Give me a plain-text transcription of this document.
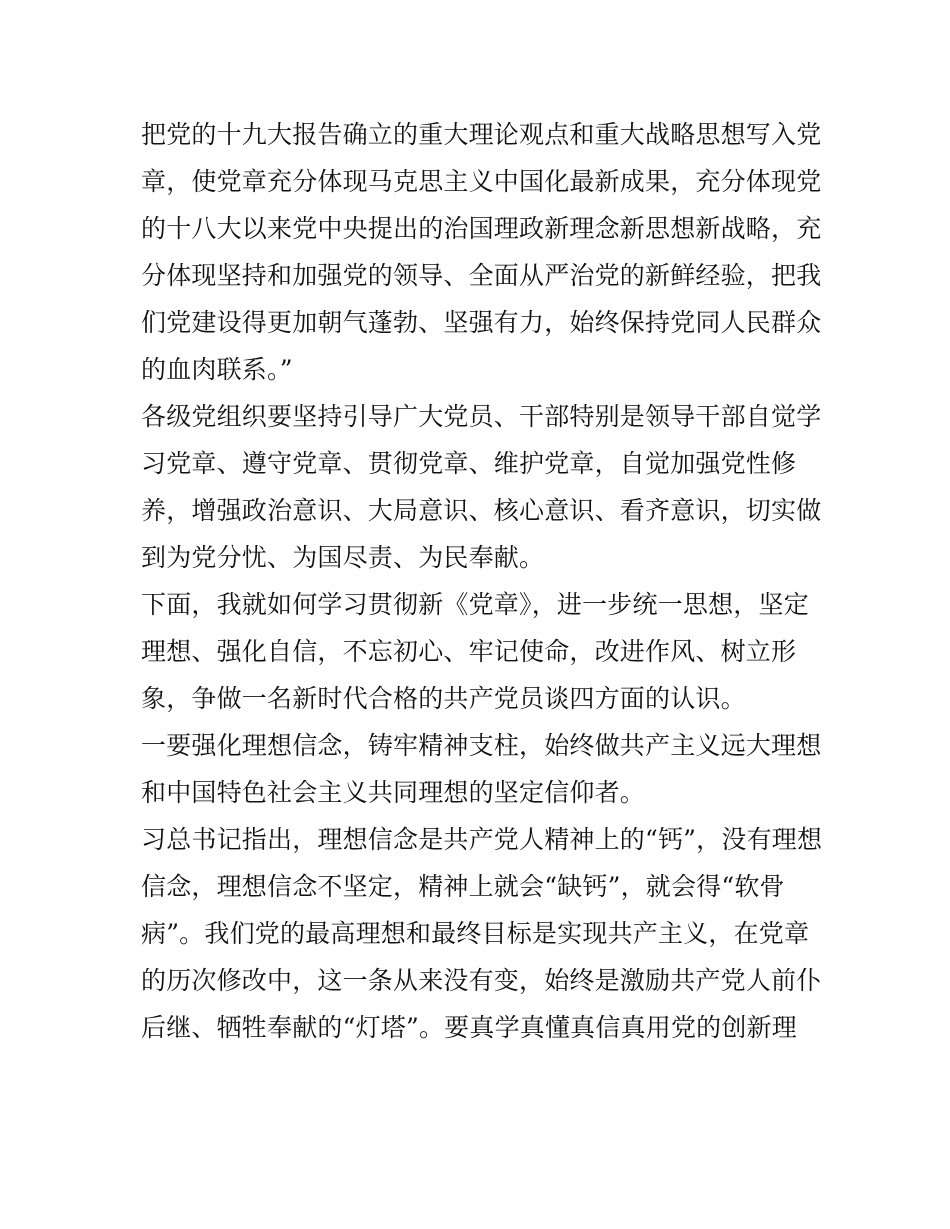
把党的十九大报告确立的重大理论观点和重大战略思想写入党
章，使党章充分体现马克思主义中国化最新成果，充分体现党
的十八大以来党中央提出的治国理政新理念新思想新战略，充
分体现坚持和加强党的领导、全面从严治党的新鲜经验，把我
们党建设得更加朝气蓬勃、坚强有力，始终保持党同人民群众
的血肉联系。”
各级党组织要坚持引导广大党员、干部特别是领导干部自觉学
习党章、遵守党章、贯彻党章、维护党章，自觉加强党性修
养，增强政治意识、大局意识、核心意识、看齐意识，切实做
到为党分忧、为国尽责、为民奉献。
下面，我就如何学习贯彻新《党章》，进一步统一思想，坚定
理想、强化自信，不忘初心、牢记使命，改进作风、树立形
象，争做一名新时代合格的共产党员谈四方面的认识。
一要强化理想信念，铸牢精神支柱，始终做共产主义远大理想
和中国特色社会主义共同理想的坚定信仰者。
习总书记指出，理想信念是共产党人精神上的“钙”，没有理想
信念，理想信念不坚定，精神上就会“缺钙”，就会得“软骨
病”。我们党的最高理想和最终目标是实现共产主义，在党章
的历次修改中，这一条从来没有变，始终是激励共产党人前仆
后继、牺牲奉献的“灯塔”。要真学真懂真信真用党的创新理
